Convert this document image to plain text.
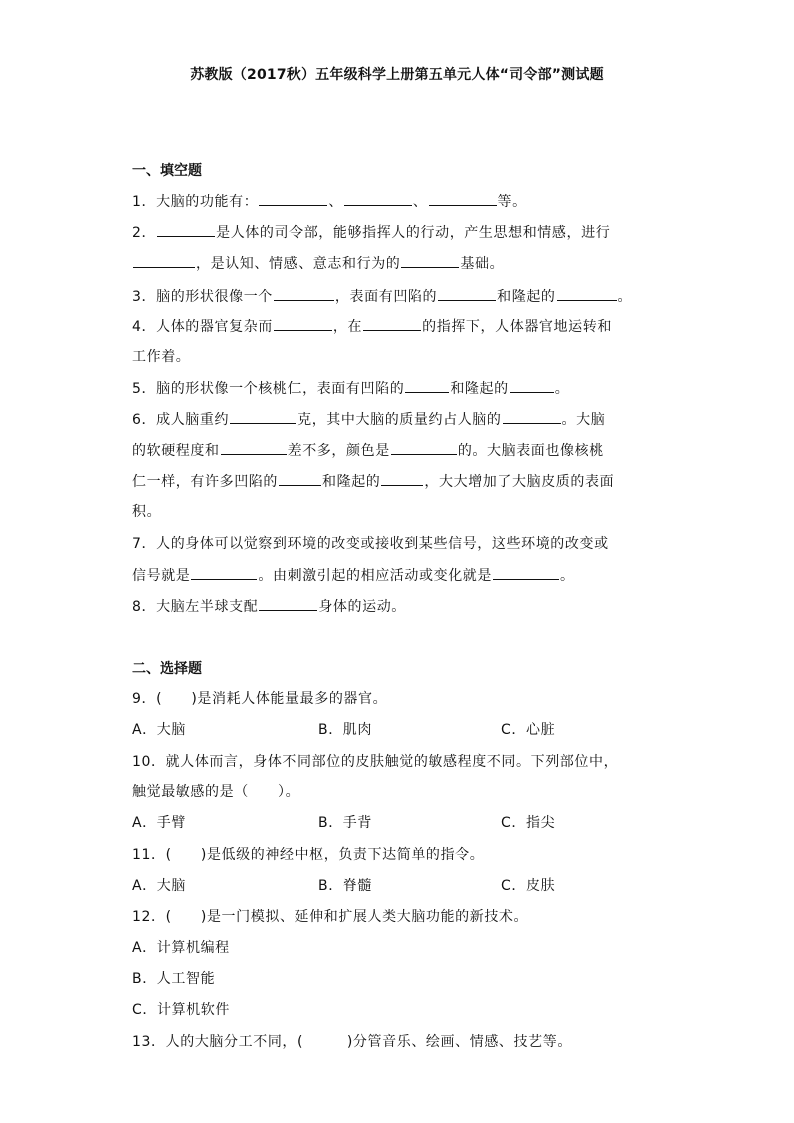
苏教版（2017秋）五年级科学上册第五单元人体“司令部”测试题
一、填空题
1．大脑的功能有：	、	、	等。
2．	是人体的司令部，能够指挥人的行动，产生思想和情感，进行
，是认知、情感、意志和行为的	基础。
3．脑的形状很像一个	，表面有凹陷的	和隆起的	。
4．人体的器官复杂而	，在	的指挥下，人体器官地运转和
工作着。
5．脑的形状像一个核桃仁，表面有凹陷的	和隆起的	。
6．成人脑重约	克，其中大脑的质量约占人脑的	。大脑
的软硬程度和	差不多，颜色是	的。大脑表面也像核桃
仁一样，有许多凹陷的	和隆起的	，大大增加了大脑皮质的表面
积。
7．人的身体可以觉察到环境的改变或接收到某些信号，这些环境的改变或
信号就是	。由刺激引起的相应活动或变化就是	。
8．大脑左半球支配	身体的运动。
二、选择题
9．(　　)是消耗人体能量最多的器官。
A．大脑	B．肌肉	C．心脏
10．就人体而言，身体不同部位的皮肤触觉的敏感程度不同。下列部位中，
触觉最敏感的是（　　）。
A．手臂	B．手背	C．指尖
11．(　　)是低级的神经中枢，负责下达简单的指令。
A．大脑	B．脊髓	C．皮肤
12．(　　)是一门模拟、延伸和扩展人类大脑功能的新技术。
A．计算机编程
B．人工智能
C．计算机软件
13．人的大脑分工不同，(　　　)分管音乐、绘画、情感、技艺等。
